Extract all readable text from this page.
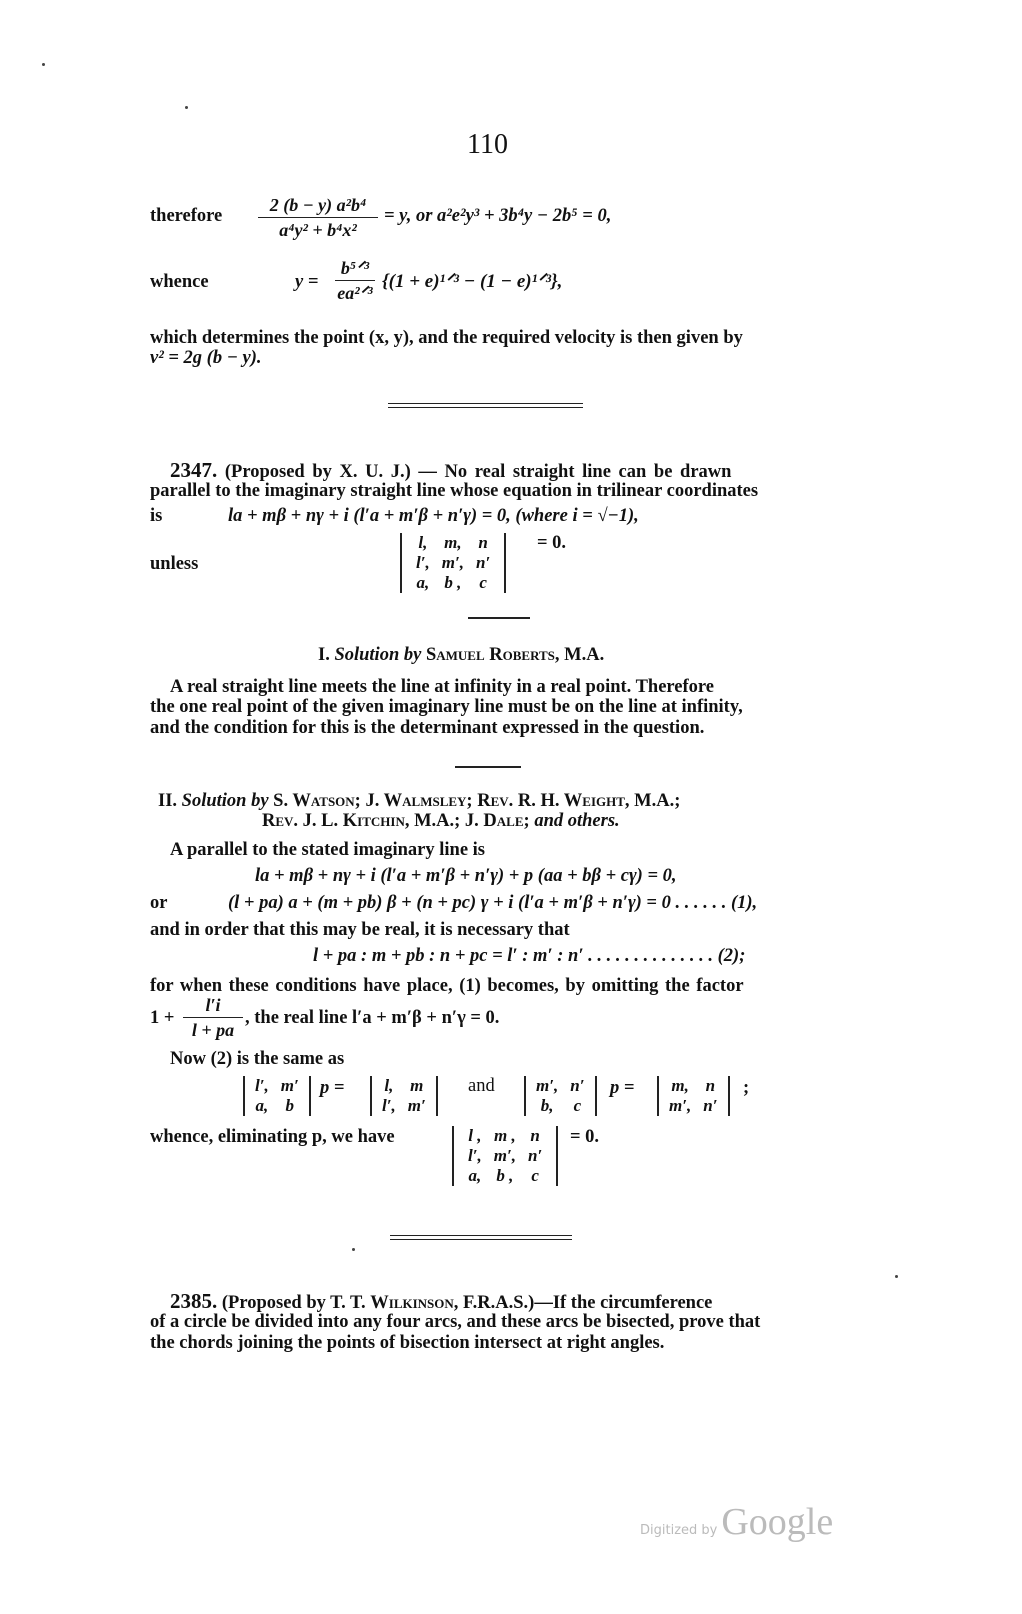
110
therefore
2 (b − y) a²b⁴
a⁴y² + b⁴x²
= y, or a²e²y³ + 3b⁴y − 2b⁵ = 0,
whence	y =
b⁵ᐟ³
ea²ᐟ³
{(1 + e)¹ᐟ³ − (1 − e)¹ᐟ³},
which determines the point (x, y), and the required velocity is then given by
v² = 2g (b − y).
2347. (Proposed by X. U. J.) — No real straight line can be drawn
parallel to the imaginary straight line whose equation in trilinear coordinates
is	la + mβ + nγ + i (l′a + m′β + n′γ) = 0, (where i = √−1),
unless
l,	m,	n
l′,	m′,	n′
a,	b ,	c
= 0.
I. Solution by Samuel Roberts, M.A.
A real straight line meets the line at infinity in a real point. Therefore
the one real point of the given imaginary line must be on the line at infinity,
and the condition for this is the determinant expressed in the question.
II. Solution by S. Watson; J. Walmsley; Rev. R. H. Weight, M.A.;
Rev. J. L. Kitchin, M.A.; J. Dale; and others.
A parallel to the stated imaginary line is
la + mβ + nγ + i (l′a + m′β + n′γ) + p (aa + bβ + cγ) = 0,
or	(l + pa) a + (m + pb) β + (n + pc) γ + i (l′a + m′β + n′γ) = 0 . . . . . . (1),
and in order that this may be real, it is necessary that
l + pa : m + pb : n + pc = l′ : m′ : n′ . . . . . . . . . . . . . . (2);
for when these conditions have place, (1) becomes, by omitting the factor
1 +
l′i
l + pa
, the real line l′a + m′β + n′γ = 0.
Now (2) is the same as
l′,	m′
a,	b
p = l,	m
l′,	m′
and m′,	n′
b,	c
p = m,	n
m′,	n′
;
whence, eliminating p, we have	l ,	m ,	n
l′,	m′,	n′
a,	b ,	c
= 0.
2385. (Proposed by T. T. Wilkinson, F.R.A.S.)—If the circumference
of a circle be divided into any four arcs, and these arcs be bisected, prove that
the chords joining the points of bisection intersect at right angles.
Digitized by Google
